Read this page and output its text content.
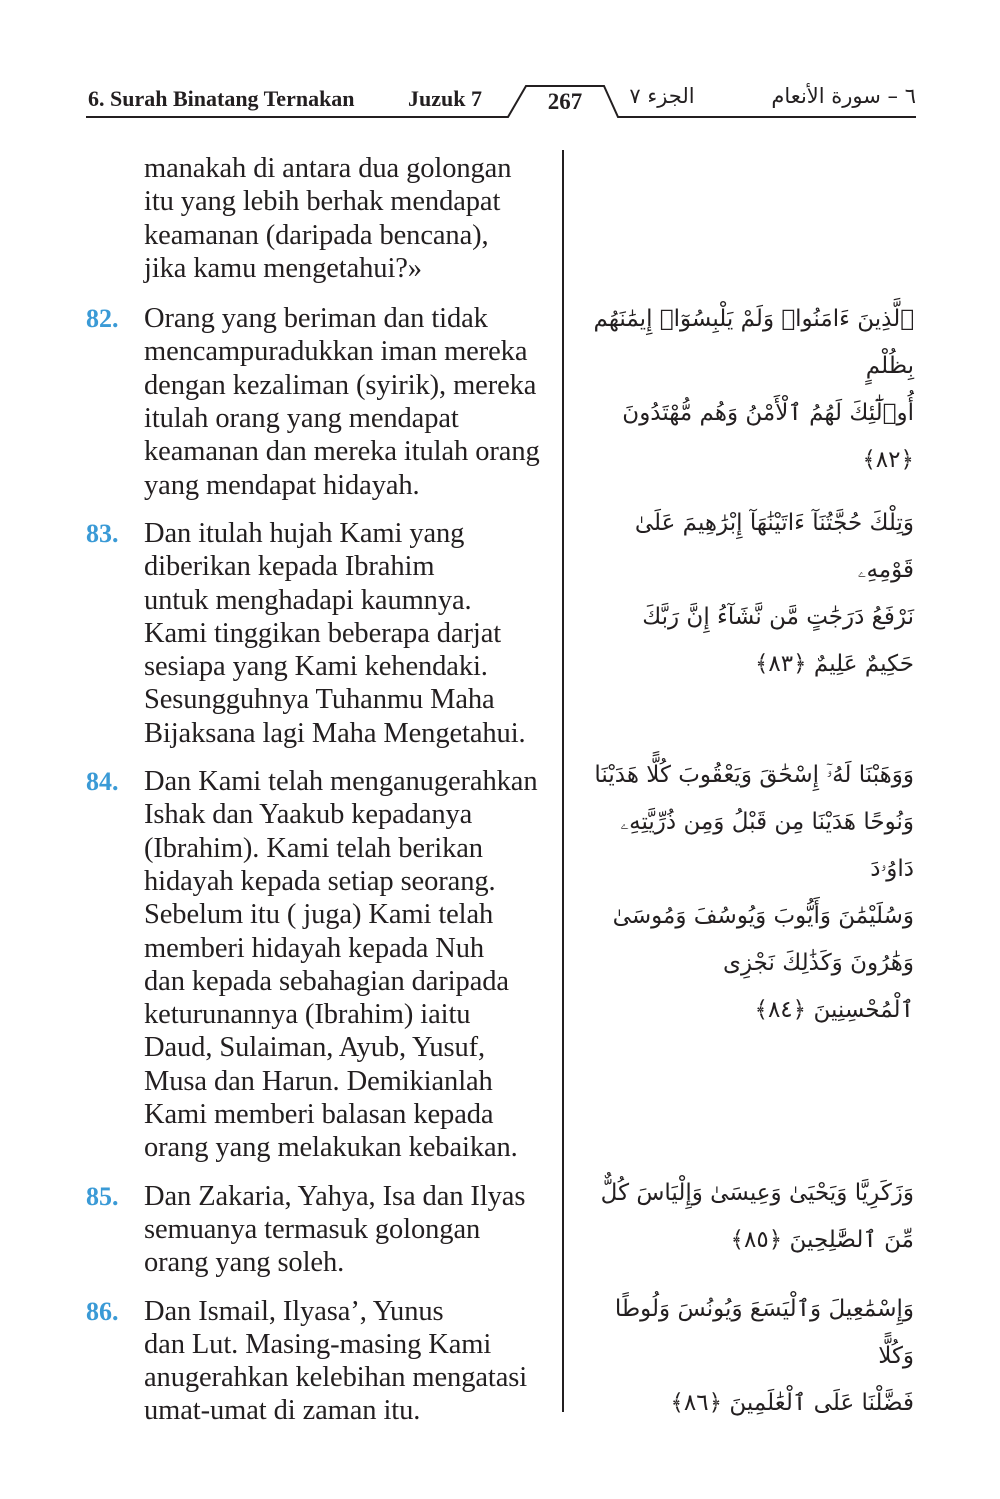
6. Surah Binatang Ternakan Juzuk 7	267	الجزء ٧	٦ – سورة الأنعام
manakah di antara dua golongan
itu yang lebih berhak mendapat
keamanan (daripada bencana),
jika kamu mengetahui?»
82. Orang yang beriman dan tidak
mencampuradukkan iman mereka
dengan kezaliman (syirik), mereka
itulah orang yang mendapat
keamanan dan mereka itulah orang
yang mendapat hidayah.
83. Dan itulah hujah Kami yang
diberikan kepada Ibrahim
untuk menghadapi kaumnya.
Kami tinggikan beberapa darjat
sesiapa yang Kami kehendaki.
Sesungguhnya Tuhanmu Maha
Bijaksana lagi Maha Mengetahui.
84. Dan Kami telah menganugerahkan
Ishak dan Yaakub kepadanya
(Ibrahim). Kami telah berikan
hidayah kepada setiap seorang.
Sebelum itu ( juga) Kami telah
memberi hidayah kepada Nuh
dan kepada sebahagian daripada
keturunannya (Ibrahim) iaitu
Daud, Sulaiman, Ayub, Yusuf,
Musa dan Harun. Demikianlah
Kami memberi balasan kepada
orang yang melakukan kebaikan.
85. Dan Zakaria, Yahya, Isa dan Ilyas
semuanya termasuk golongan
orang yang soleh.
86. Dan Ismail, Ilyasa’, Yunus
dan Lut. Masing-masing Kami
anugerahkan kelebihan mengatasi
umat-umat di zaman itu.
ٱلَّذِينَ ءَامَنُوا۟ وَلَمْ يَلْبِسُوٓا۟ إِيمَٰنَهُم بِظُلْمٍ
أُو۟لَٰٓئِكَ لَهُمُ ٱلْأَمْنُ وَهُم مُّهْتَدُونَ ﴿٨٢﴾
وَتِلْكَ حُجَّتُنَآ ءَاتَيْنَٰهَآ إِبْرَٰهِيمَ عَلَىٰ قَوْمِهِۦ
نَرْفَعُ دَرَجَٰتٍ مَّن نَّشَآءُ إِنَّ رَبَّكَ
حَكِيمٌ عَلِيمٌ ﴿٨٣﴾
وَوَهَبْنَا لَهُۥٓ إِسْحَٰقَ وَيَعْقُوبَ كُلًّا هَدَيْنَا
وَنُوحًا هَدَيْنَا مِن قَبْلُ وَمِن ذُرِّيَّتِهِۦ دَاوُۥدَ
وَسُلَيْمَٰنَ وَأَيُّوبَ وَيُوسُفَ وَمُوسَىٰ
وَهَٰرُونَ وَكَذَٰلِكَ نَجْزِى
ٱلْمُحْسِنِينَ ﴿٨٤﴾
وَزَكَرِيَّا وَيَحْيَىٰ وَعِيسَىٰ وَإِلْيَاسَ كُلٌّ
مِّنَ ٱلصَّٰلِحِينَ ﴿٨٥﴾
وَإِسْمَٰعِيلَ وَٱلْيَسَعَ وَيُونُسَ وَلُوطًا وَكُلًّا
فَضَّلْنَا عَلَى ٱلْعَٰلَمِينَ ﴿٨٦﴾
